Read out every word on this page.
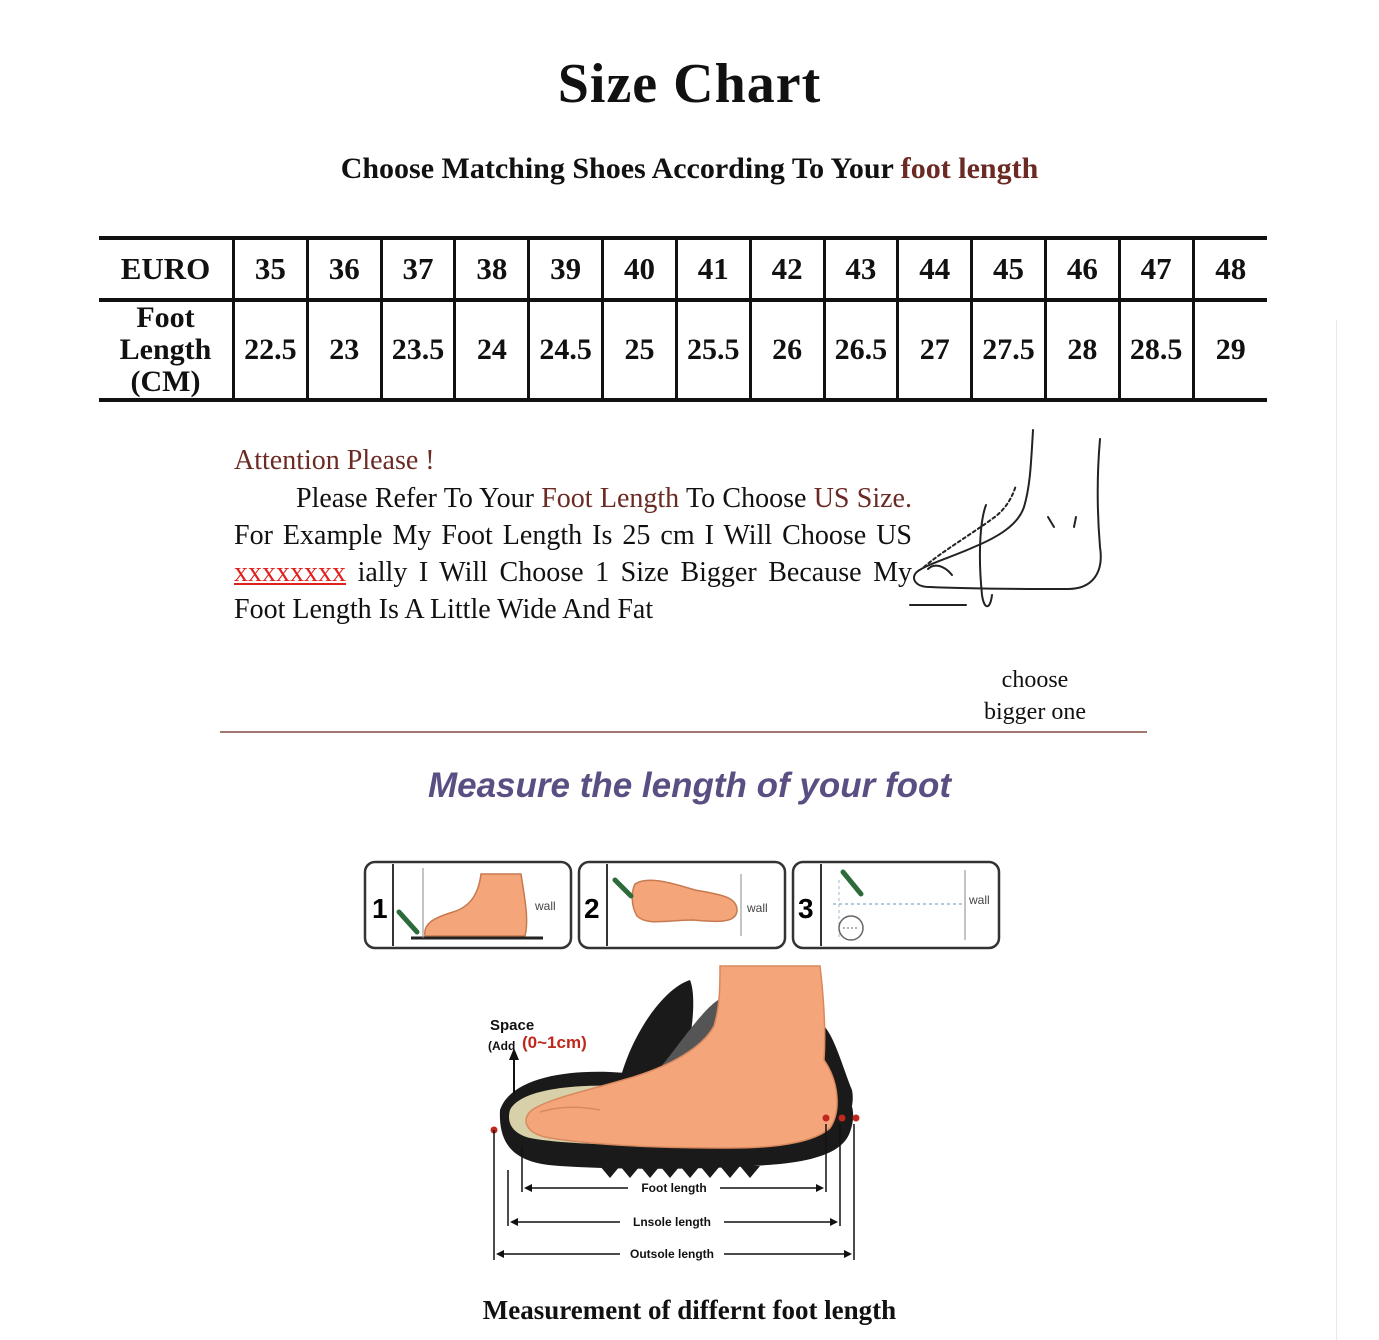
Size Chart
Choose Matching Shoes According To Your foot length
EURO	35	36	37	38	39	40	41	42	43	44	45	46	47	48

Foot
Length
(CM)	22.5	23	23.5	24	24.5	25	25.5	26	26.5	27	27.5	28	28.5	29
Attention Please !
Please Refer To Your Foot Length To Choose US Size. For Example My Foot Length Is 25 cm I Will Choose US xxxxxxxx ially I Will Choose 1 Size Bigger Because My Foot Length Is A Little Wide And Fat
choose
bigger one
Measure the length of your foot
1	wall 2	wall 3	wall
Space
(Add (0~1cm)
Foot length
Lnsole length
Outsole length
Measurement of differnt foot length
